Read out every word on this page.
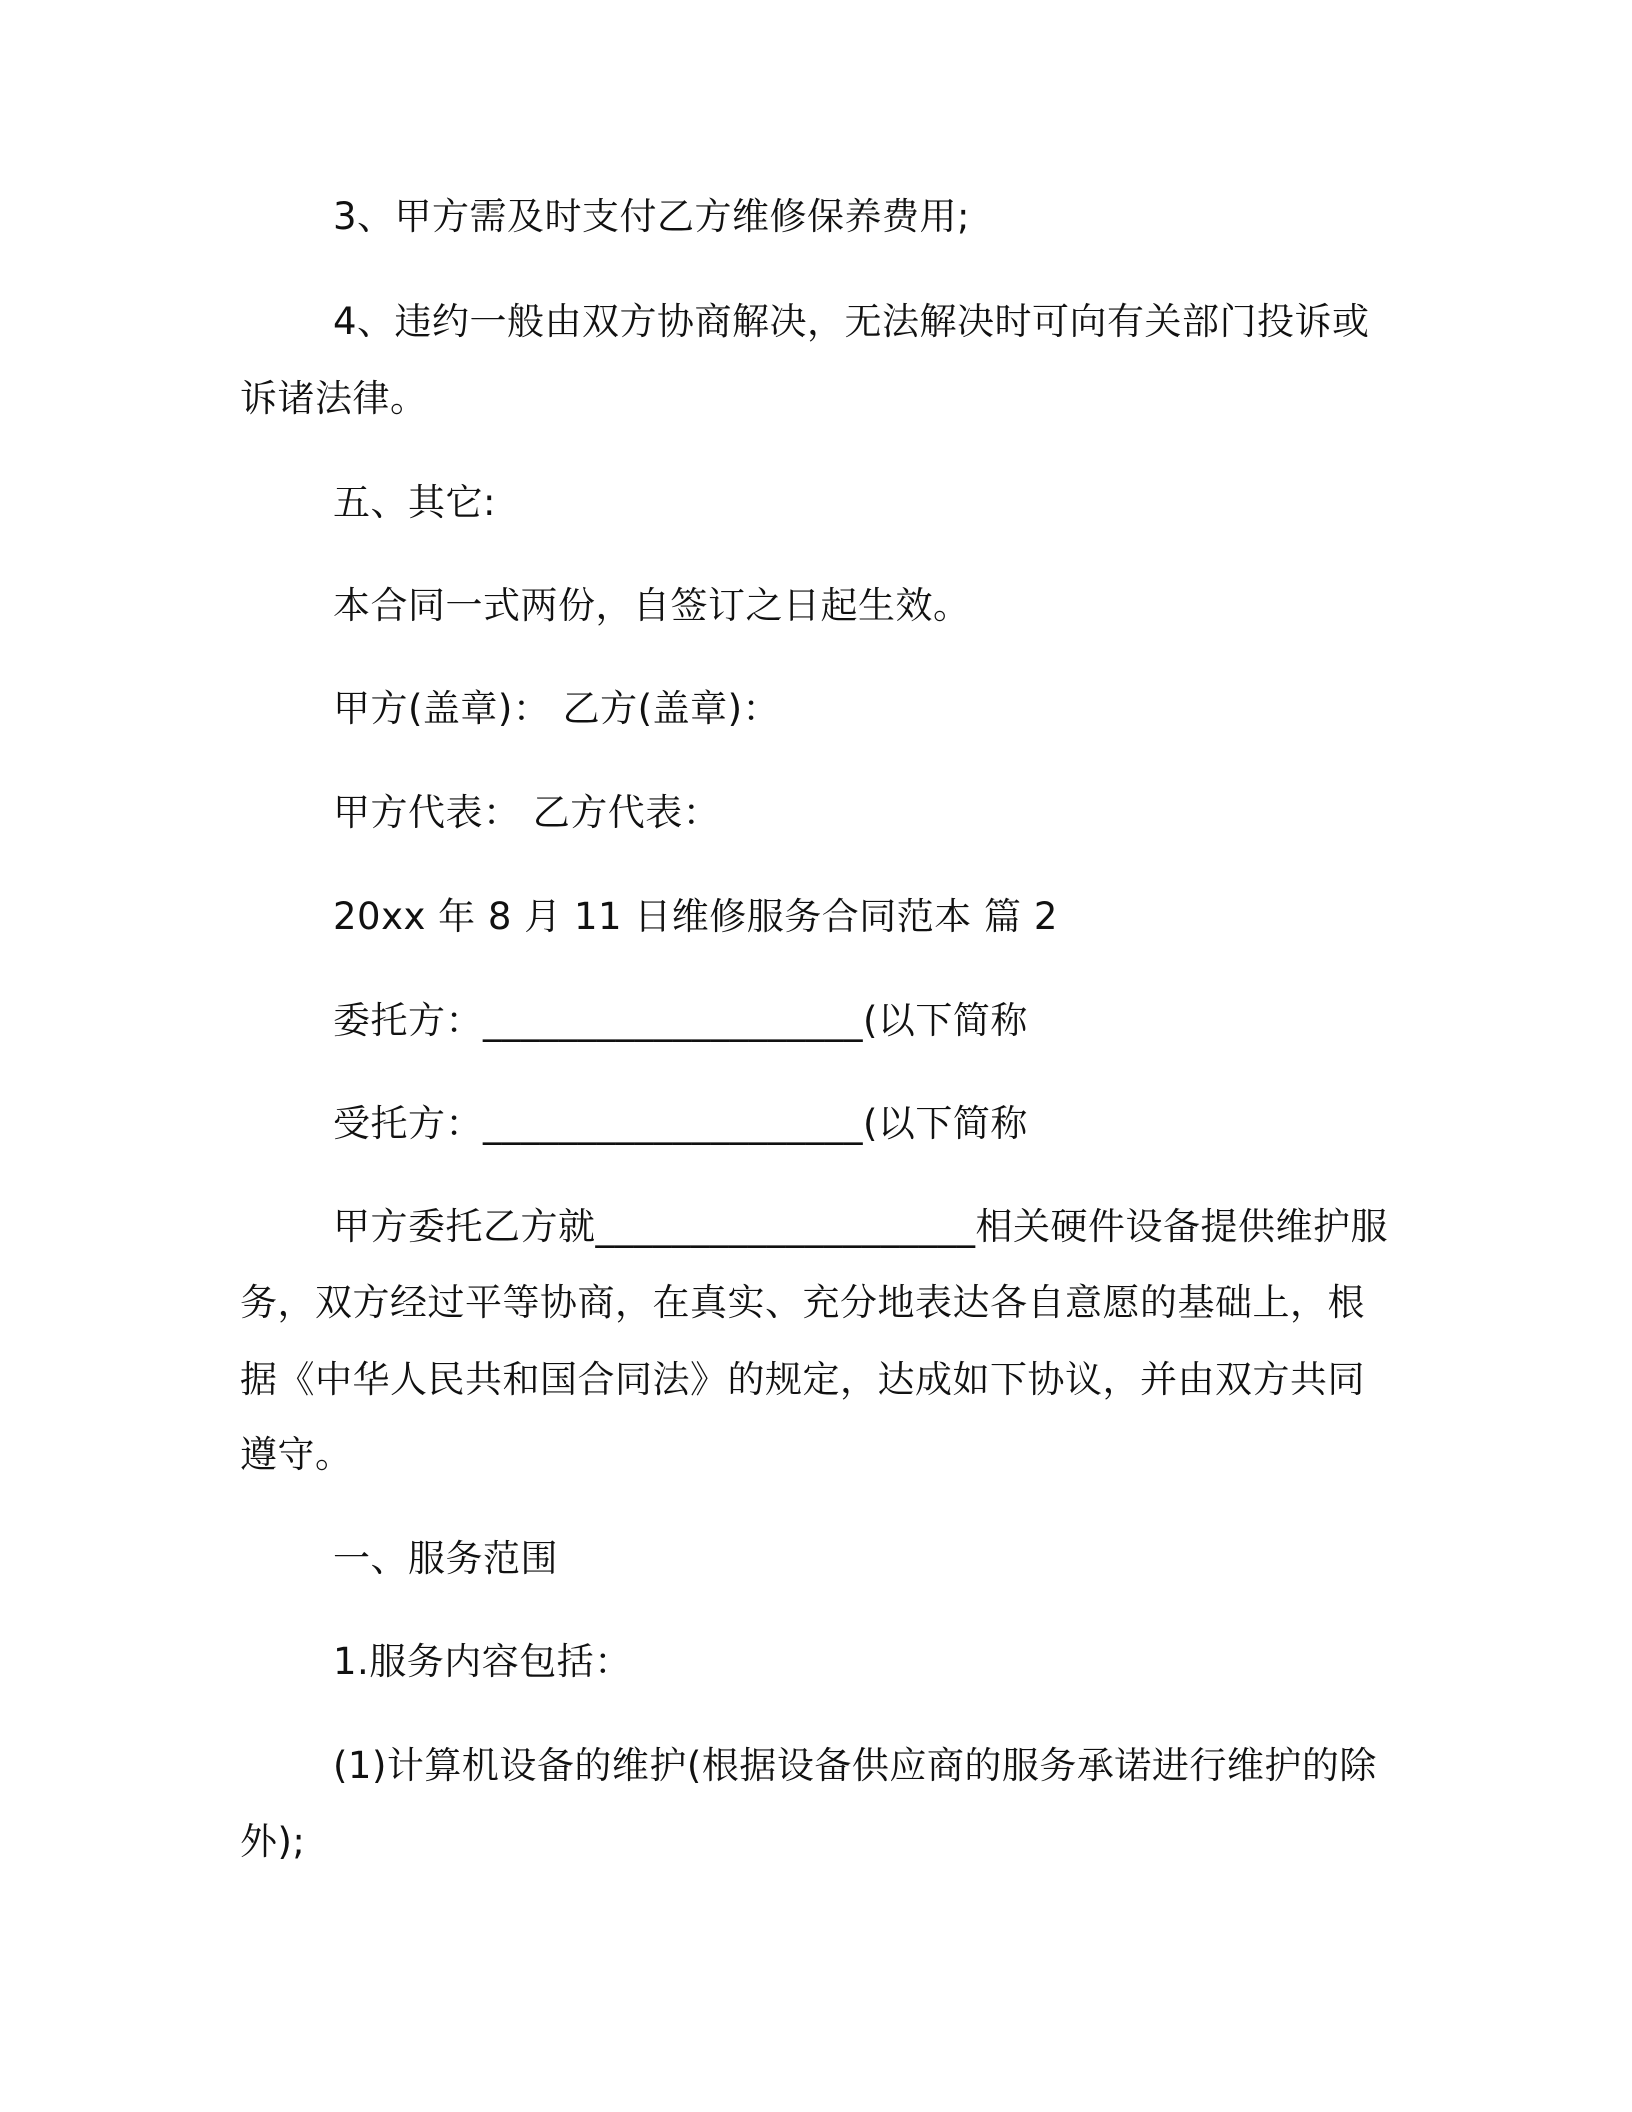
3、甲方需及时支付乙方维修保养费用;
4、违约一般由双方协商解决，无法解决时可向有关部门投诉或
诉诸法律。
五、其它:
本合同一式两份，自签订之日起生效。
甲方(盖章)： 乙方(盖章)：
甲方代表： 乙方代表：
20xx 年 8 月 11 日维修服务合同范本 篇 2
委托方：____________________(以下简称
受托方：____________________(以下简称
甲方委托乙方就____________________相关硬件设备提供维护服
务，双方经过平等协商，在真实、充分地表达各自意愿的基础上，根
据《中华人民共和国合同法》的规定，达成如下协议，并由双方共同
遵守。
一、服务范围
1.服务内容包括：
(1)计算机设备的维护(根据设备供应商的服务承诺进行维护的除
外);
